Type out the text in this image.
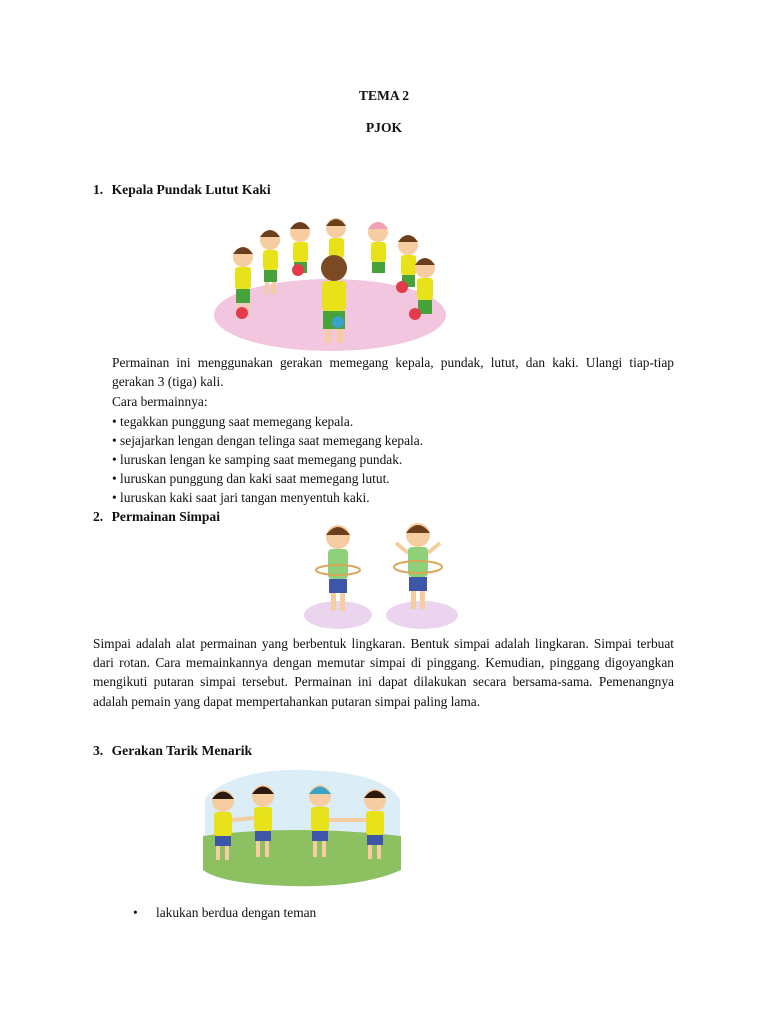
TEMA 2
PJOK
1. Kepala Pundak Lutut Kaki
Permainan ini menggunakan gerakan memegang kepala, pundak, lutut, dan kaki. Ulangi tiap-tiap gerakan 3 (tiga) kali.
Cara bermainnya:
• tegakkan punggung saat memegang kepala.
• sejajarkan lengan dengan telinga saat memegang kepala.
• luruskan lengan ke samping saat memegang pundak.
• luruskan punggung dan kaki saat memegang lutut.
• luruskan kaki saat jari tangan menyentuh kaki.
2. Permainan Simpai
Simpai adalah alat permainan yang berbentuk lingkaran. Bentuk simpai adalah lingkaran. Simpai terbuat dari rotan. Cara memainkannya dengan memutar simpai di pinggang. Kemudian, pinggang digoyangkan mengikuti putaran simpai tersebut. Permainan ini dapat dilakukan secara bersama-sama. Pemenangnya adalah pemain yang dapat mempertahankan putaran simpai paling lama.
3. Gerakan Tarik Menarik
• lakukan berdua dengan teman
